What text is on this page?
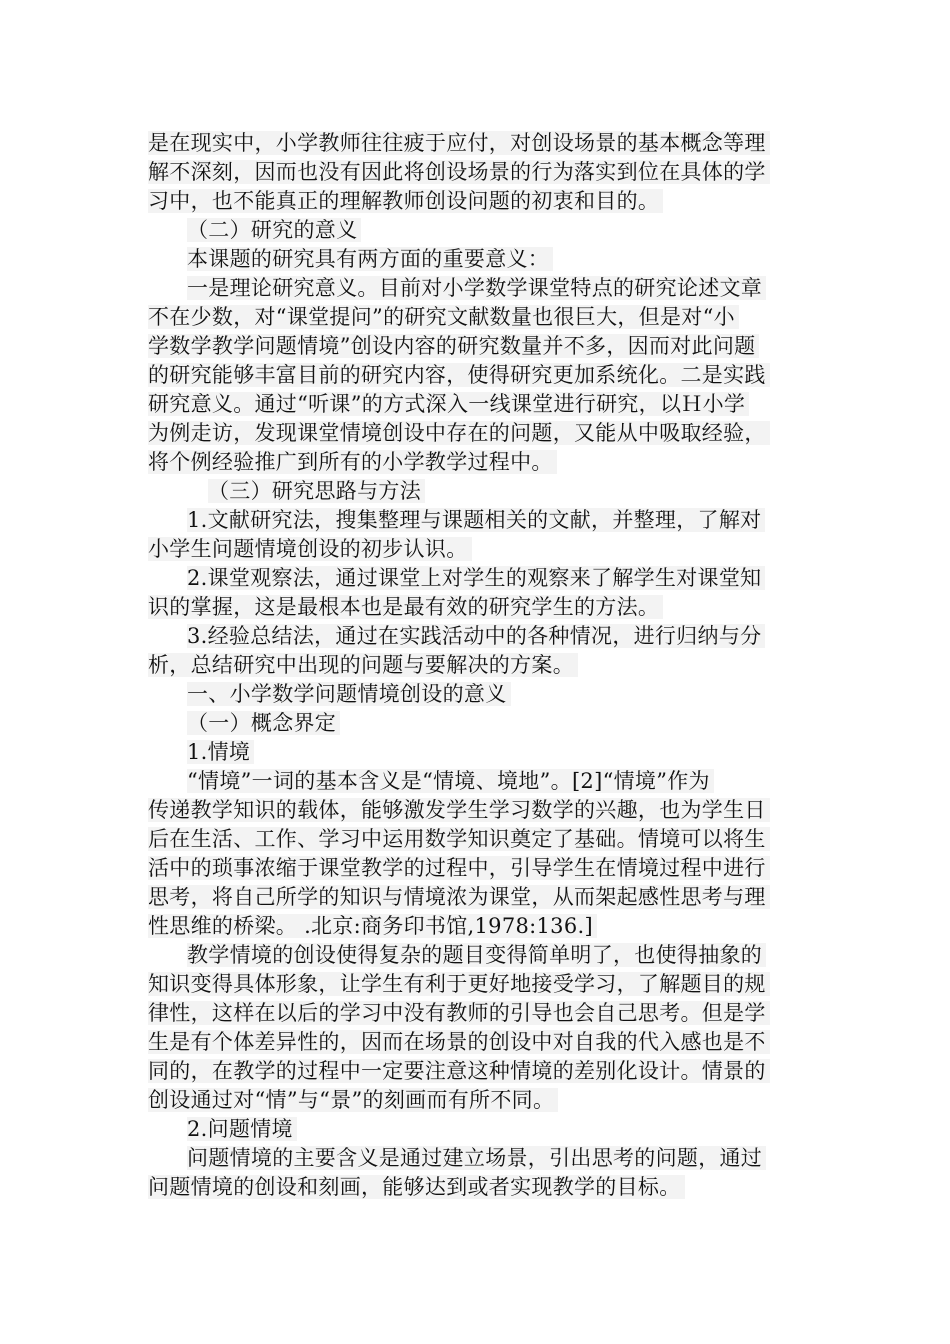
是在现实中，小学教师往往疲于应付，对创设场景的基本概念等理
解不深刻，因而也没有因此将创设场景的行为落实到位在具体的学
习中，也不能真正的理解教师创设问题的初衷和目的。
（二）研究的意义
本课题的研究具有两方面的重要意义：
一是理论研究意义。目前对小学数学课堂特点的研究论述文章
不在少数，对“课堂提问”的研究文献数量也很巨大，但是对“小
学数学教学问题情境”创设内容的研究数量并不多，因而对此问题
的研究能够丰富目前的研究内容，使得研究更加系统化。二是实践
研究意义。通过“听课”的方式深入一线课堂进行研究，以Ｈ小学
为例走访，发现课堂情境创设中存在的问题，又能从中吸取经验，
将个例经验推广到所有的小学教学过程中。
（三）研究思路与方法
1.文献研究法，搜集整理与课题相关的文献，并整理，了解对
小学生问题情境创设的初步认识。
2.课堂观察法，通过课堂上对学生的观察来了解学生对课堂知
识的掌握，这是最根本也是最有效的研究学生的方法。
3.经验总结法，通过在实践活动中的各种情况，进行归纳与分
析，总结研究中出现的问题与要解决的方案。
一、小学数学问题情境创设的意义
（一）概念界定
1.情境
“情境”一词的基本含义是“情境、境地”。[2]“情境”作为
传递教学知识的载体，能够激发学生学习数学的兴趣，也为学生日
后在生活、工作、学习中运用数学知识奠定了基础。情境可以将生
活中的琐事浓缩于课堂教学的过程中，引导学生在情境过程中进行
思考，将自己所学的知识与情境浓为课堂，从而架起感性思考与理
性思维的桥梁。 .北京:商务印书馆,1978:136.]
教学情境的创设使得复杂的题目变得简单明了，也使得抽象的
知识变得具体形象，让学生有利于更好地接受学习，了解题目的规
律性，这样在以后的学习中没有教师的引导也会自己思考。但是学
生是有个体差异性的，因而在场景的创设中对自我的代入感也是不
同的，在教学的过程中一定要注意这种情境的差别化设计。情景的
创设通过对“情”与“景”的刻画而有所不同。
2.问题情境
问题情境的主要含义是通过建立场景，引出思考的问题，通过
问题情境的创设和刻画，能够达到或者实现教学的目标。
